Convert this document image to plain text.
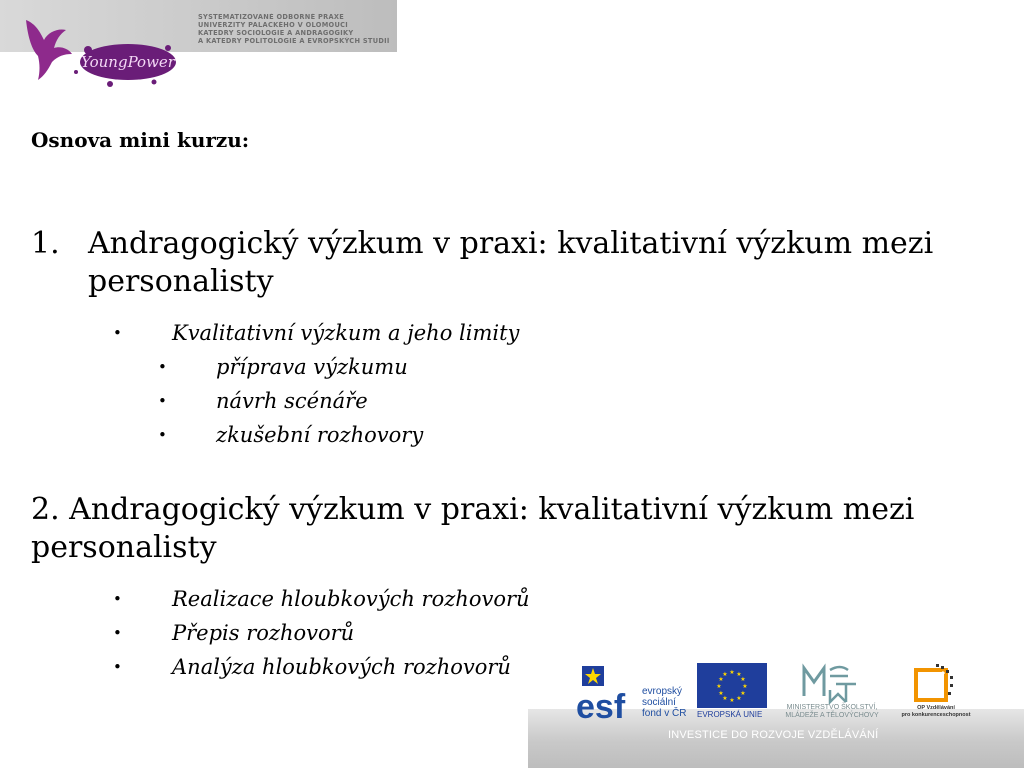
YoungPower
SYSTEMATIZOVANÉ ODBORNÉ PRAXE
UNIVERZITY PALACKÉHO V OLOMOUCI
KATEDRY SOCIOLOGIE A ANDRAGOGIKY
A KATEDRY POLITOLOGIE A EVROPSKÝCH STUDIÍ
Osnova mini kurzu:
1. Andragogický výzkum v praxi: kvalitativní výzkum mezi personalisty
• Kvalitativní výzkum a jeho limity
• příprava výzkumu
• návrh scénáře
• zkušební rozhovory
2. Andragogický výzkum v praxi: kvalitativní výzkum mezi personalisty
• Realizace hloubkových rozhovorů
• Přepis rozhovorů
• Analýza hloubkových rozhovorů
INVESTICE DO ROZVOJE VZDĚLÁVÁNÍ
esf evropský
sociální
fond v ČR
★ ★
★
★
★
★
★
★
★
★
★
★
EVROPSKÁ UNIE
MINISTERSTVO ŠKOLSTVÍ,
MLÁDEŽE A TĚLOVÝCHOVY
OP Vzdělávání
pro konkurenceschopnost
